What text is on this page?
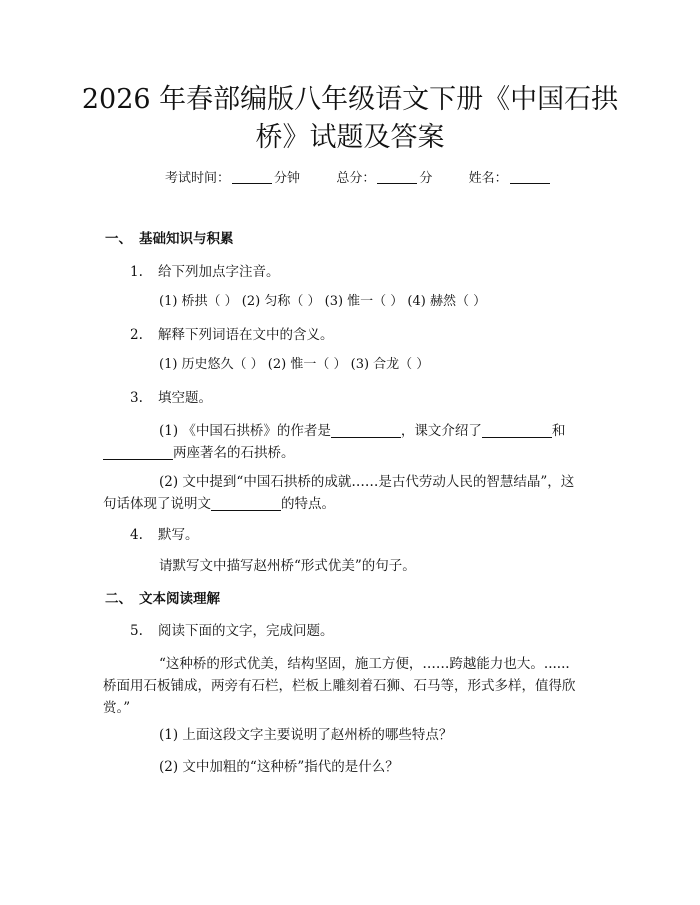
2026 年春部编版八年级语文下册《中国石拱
桥》试题及答案
考试时间：	分钟	总分：	分	姓名：
一、 基础知识与积累
1. 给下列加点字注音。
(1) 桥拱（ ） (2) 匀称（ ） (3) 惟一（ ） (4) 赫然（ ）
2. 解释下列词语在文中的含义。
(1) 历史悠久（ ） (2) 惟一（ ） (3) 合龙（ ）
3. 填空题。
(1) 《中国石拱桥》的作者是	，课文介绍了	和
两座著名的石拱桥。
(2) 文中提到“中国石拱桥的成就……是古代劳动人民的智慧结晶”，这
句话体现了说明文	的特点。
4. 默写。
请默写文中描写赵州桥“形式优美”的句子。
二、 文本阅读理解
5. 阅读下面的文字，完成问题。
“这种桥的形式优美，结构坚固，施工方便，……跨越能力也大。......
桥面用石板铺成，两旁有石栏，栏板上雕刻着石狮、石马等，形式多样，值得欣
赏。”
(1) 上面这段文字主要说明了赵州桥的哪些特点？
(2) 文中加粗的“这种桥”指代的是什么？
